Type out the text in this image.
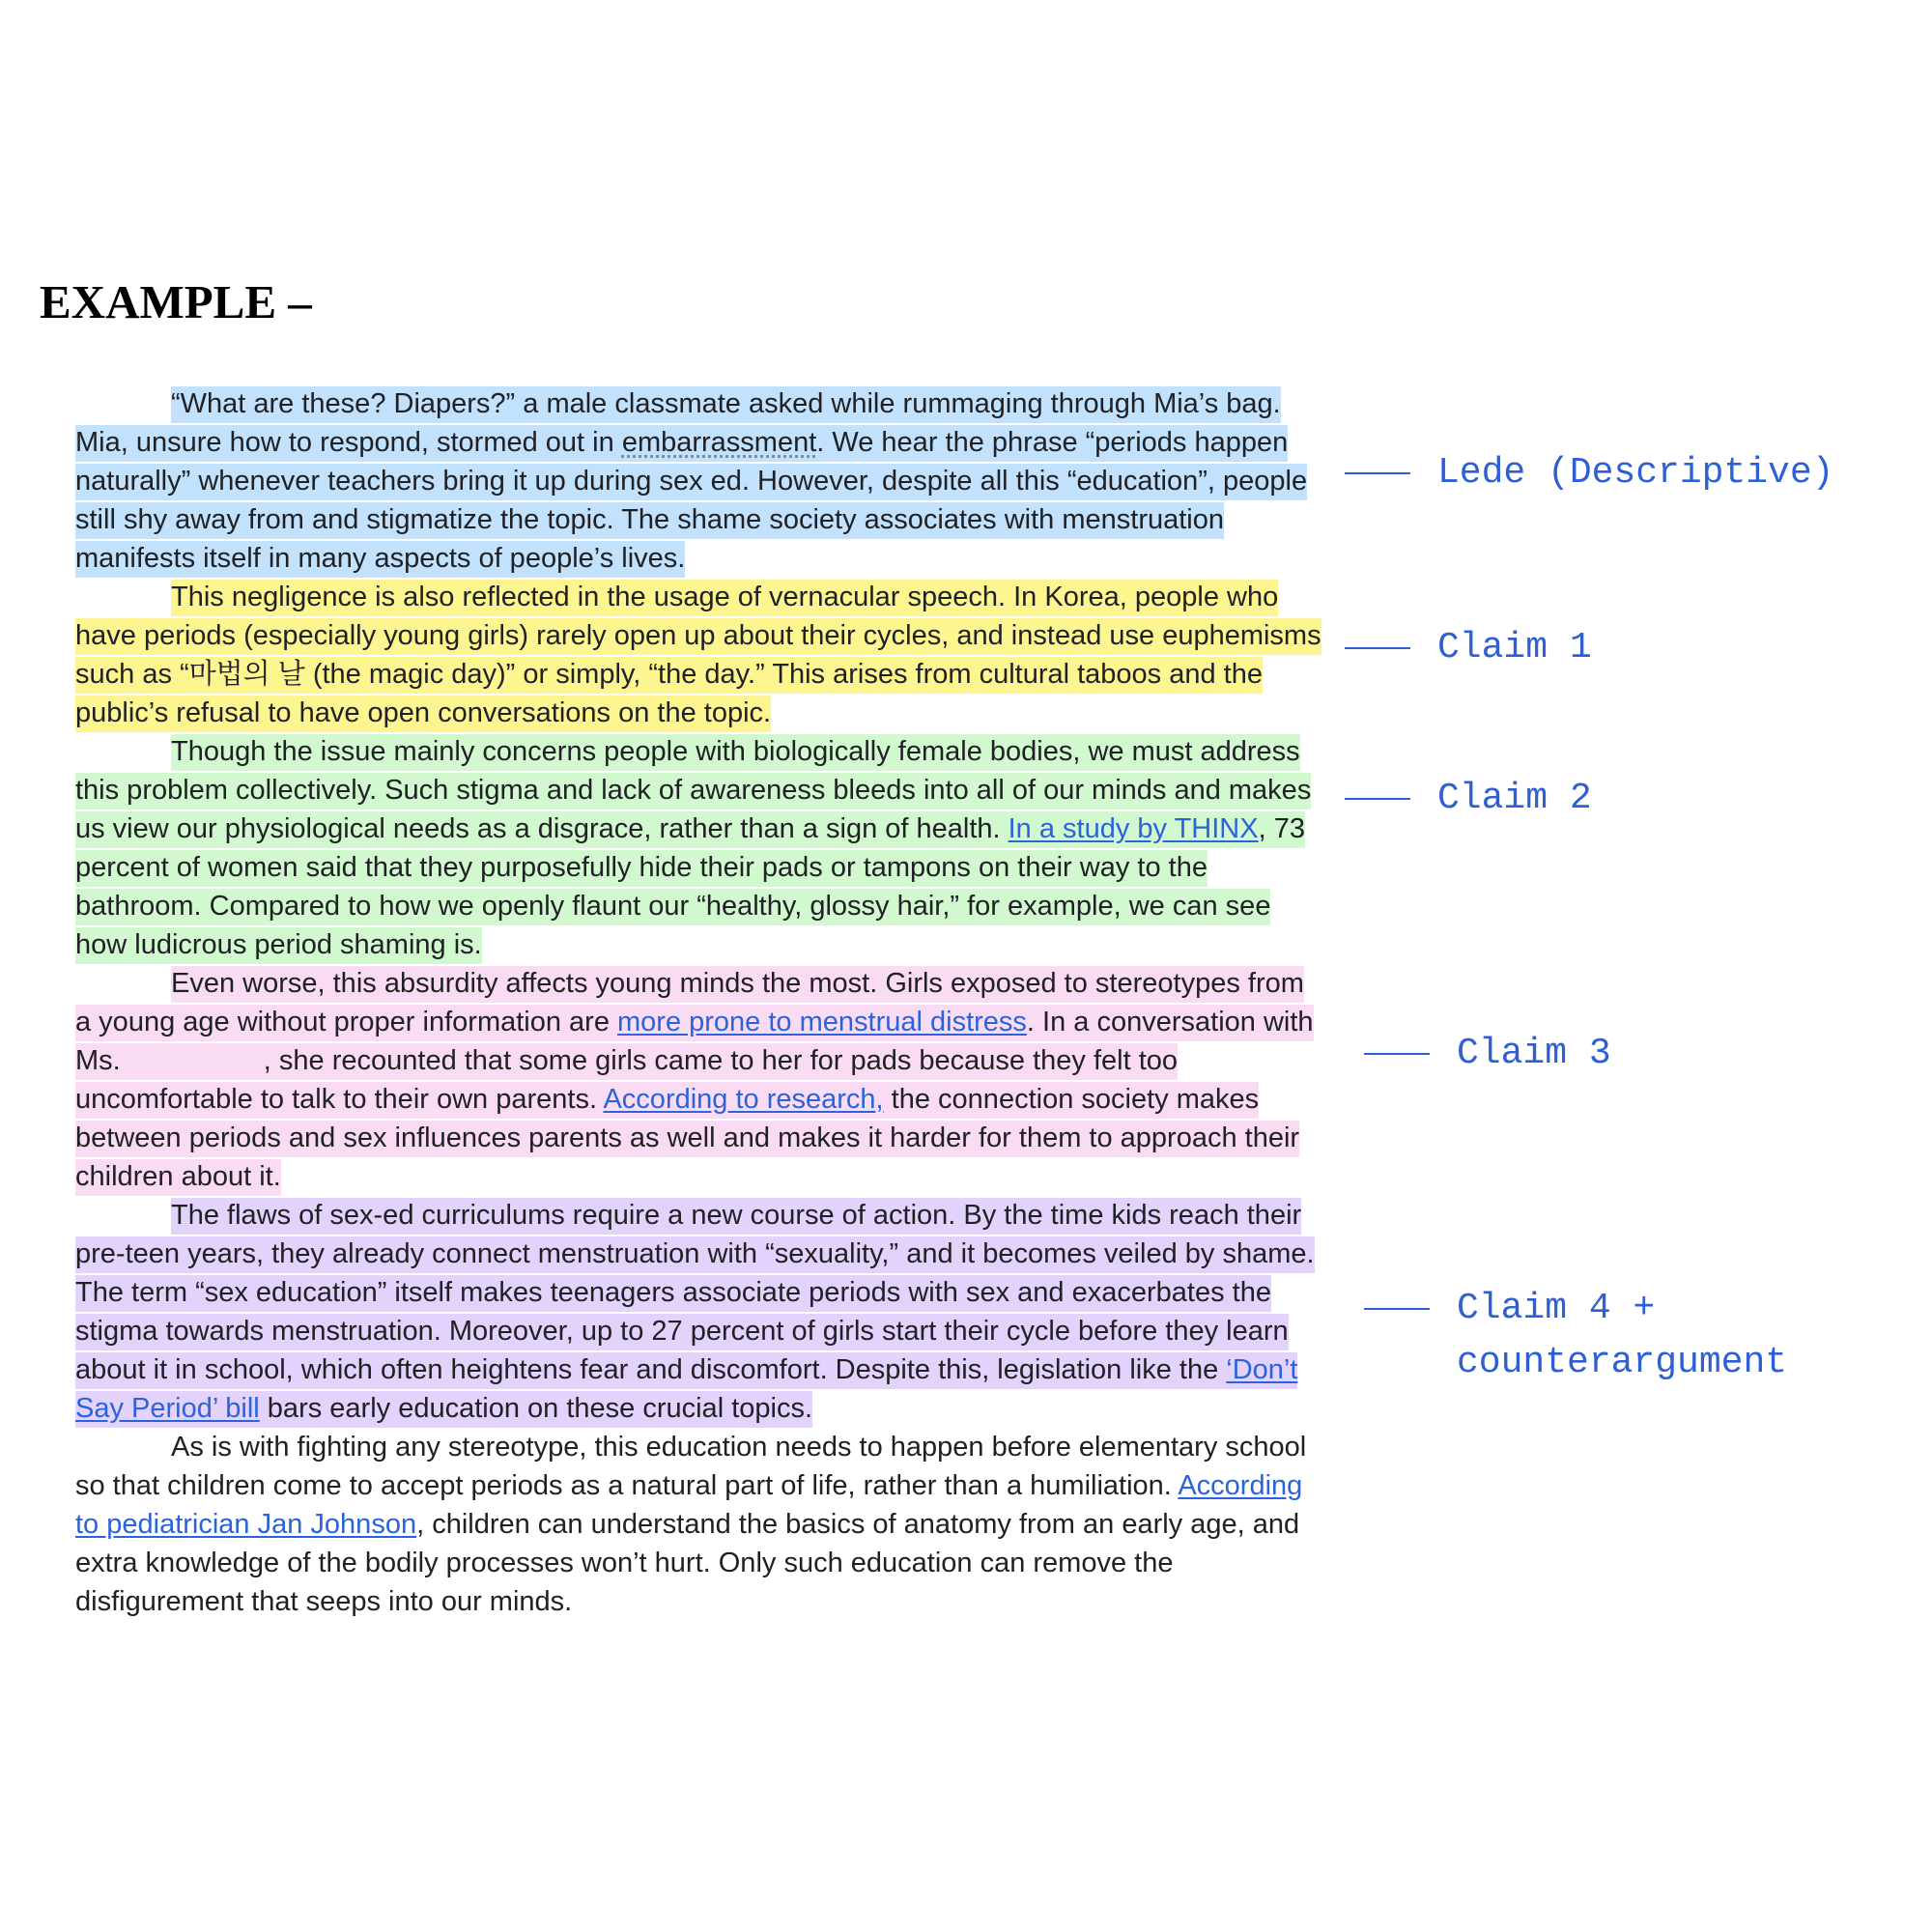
EXAMPLE –

“What are these? Diapers?” a male classmate asked while rummaging through Mia’s bag. Mia, unsure how to respond, stormed out in embarrassment. We hear the phrase “periods happen naturally” whenever teachers bring it up during sex ed. However, despite all this “education”, people still shy away from and stigmatize the topic. The shame society associates with menstruation manifests itself in many aspects of people’s lives.

This negligence is also reflected in the usage of vernacular speech. In Korea, people who have periods (especially young girls) rarely open up about their cycles, and instead use euphemisms such as “마법의 날 (the magic day)” or simply, “the day.” This arises from cultural taboos and the public’s refusal to have open conversations on the topic.

Though the issue mainly concerns people with biologically female bodies, we must address this problem collectively. Such stigma and lack of awareness bleeds into all of our minds and makes us view our physiological needs as a disgrace, rather than a sign of health. In a study by THINX, 73 percent of women said that they purposefully hide their pads or tampons on their way to the bathroom. Compared to how we openly flaunt our “healthy, glossy hair,” for example, we can see how ludicrous period shaming is.

Even worse, this absurdity affects young minds the most. Girls exposed to stereotypes from a young age without proper information are more prone to menstrual distress. In a conversation with Ms.	, she recounted that some girls came to her for pads because they felt too uncomfortable to talk to their own parents. According to research, the connection society makes between periods and sex influences parents as well and makes it harder for them to approach their children about it.

The flaws of sex-ed curriculums require a new course of action. By the time kids reach their pre-teen years, they already connect menstruation with “sexuality,” and it becomes veiled by shame. The term “sex education” itself makes teenagers associate periods with sex and exacerbates the stigma towards menstruation. Moreover, up to 27 percent of girls start their cycle before they learn about it in school, which often heightens fear and discomfort. Despite this, legislation like the ‘Don’t Say Period’ bill bars early education on these crucial topics.

As is with fighting any stereotype, this education needs to happen before elementary school so that children come to accept periods as a natural part of life, rather than a humiliation. According to pediatrician Jan Johnson, children can understand the basics of anatomy from an early age, and extra knowledge of the bodily processes won’t hurt. Only such education can remove the disfigurement that seeps into our minds.

Lede (Descriptive)
Claim 1
Claim 2
Claim 3
Claim 4 +
counterargument
